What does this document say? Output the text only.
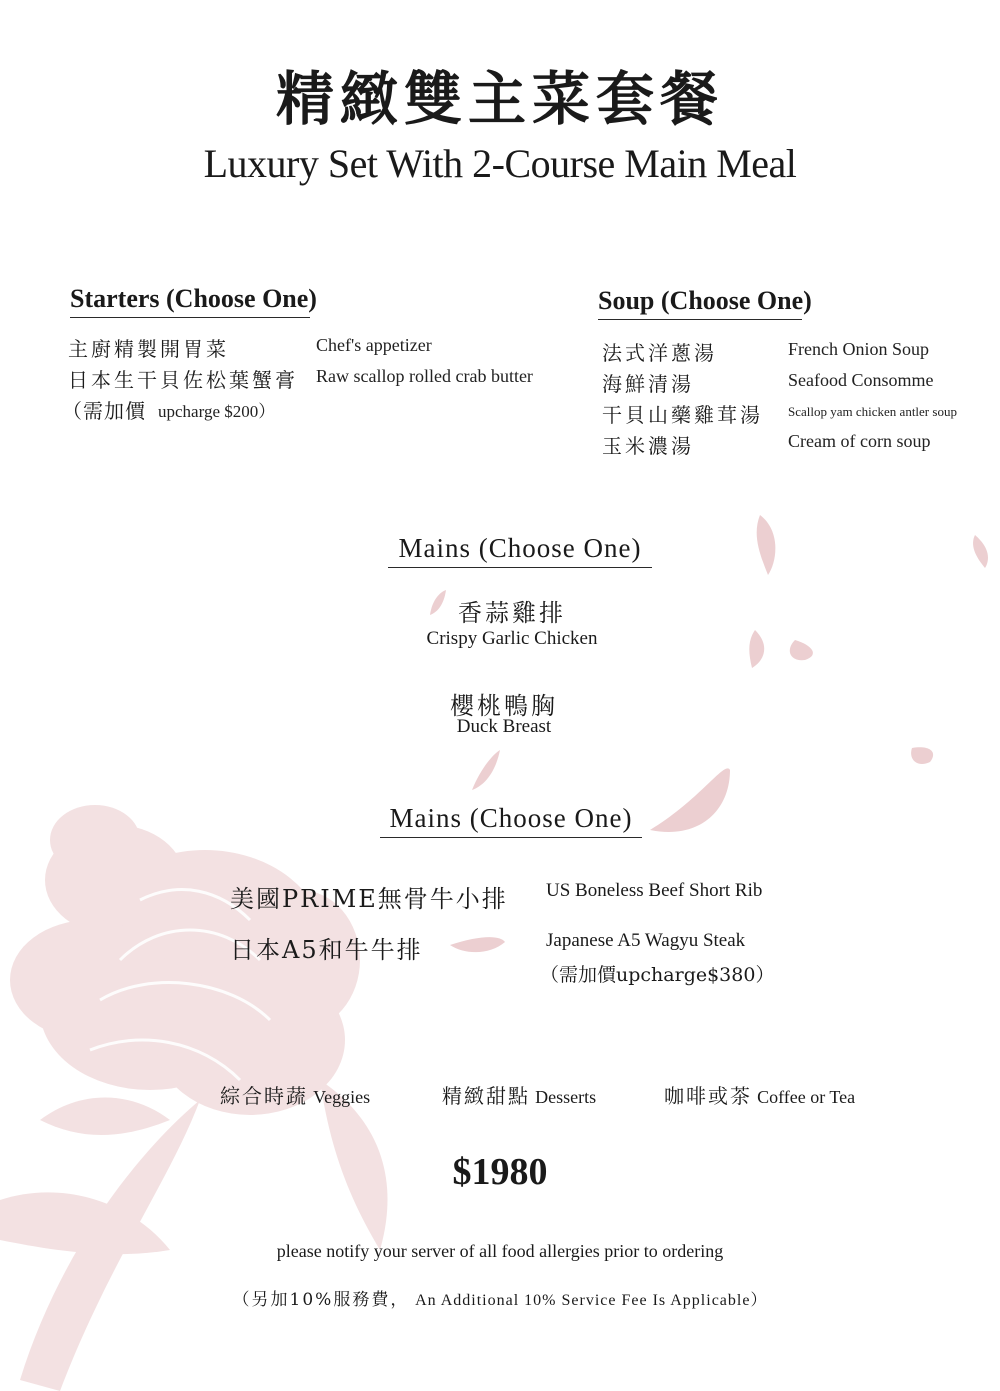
精緻雙主菜套餐
Luxury Set With 2-Course Main Meal
Starters (Choose One)
主廚精製開胃菜	Chef's appetizer
日本生干貝佐松葉蟹膏 Raw scallop rolled crab butter
（需加價 upcharge $200）
Soup (Choose One)
法式洋蔥湯	French Onion Soup
海鮮清湯	Seafood Consomme
干貝山藥雞茸湯 Scallop yam chicken antler soup
玉米濃湯	Cream of corn soup
Mains (Choose One)
香蒜雞排
Crispy Garlic Chicken
櫻桃鴨胸
Duck Breast
Mains (Choose One)
美國PRIME無骨牛小排 US Boneless Beef Short Rib
日本A5和牛牛排	Japanese A5 Wagyu Steak
（需加價upcharge$380）
綜合時蔬 Veggies	精緻甜點 Desserts	咖啡或茶 Coffee or Tea
$1980
please notify your server of all food allergies prior to ordering
（另加10%服務費， An Additional 10% Service Fee Is Applicable）
